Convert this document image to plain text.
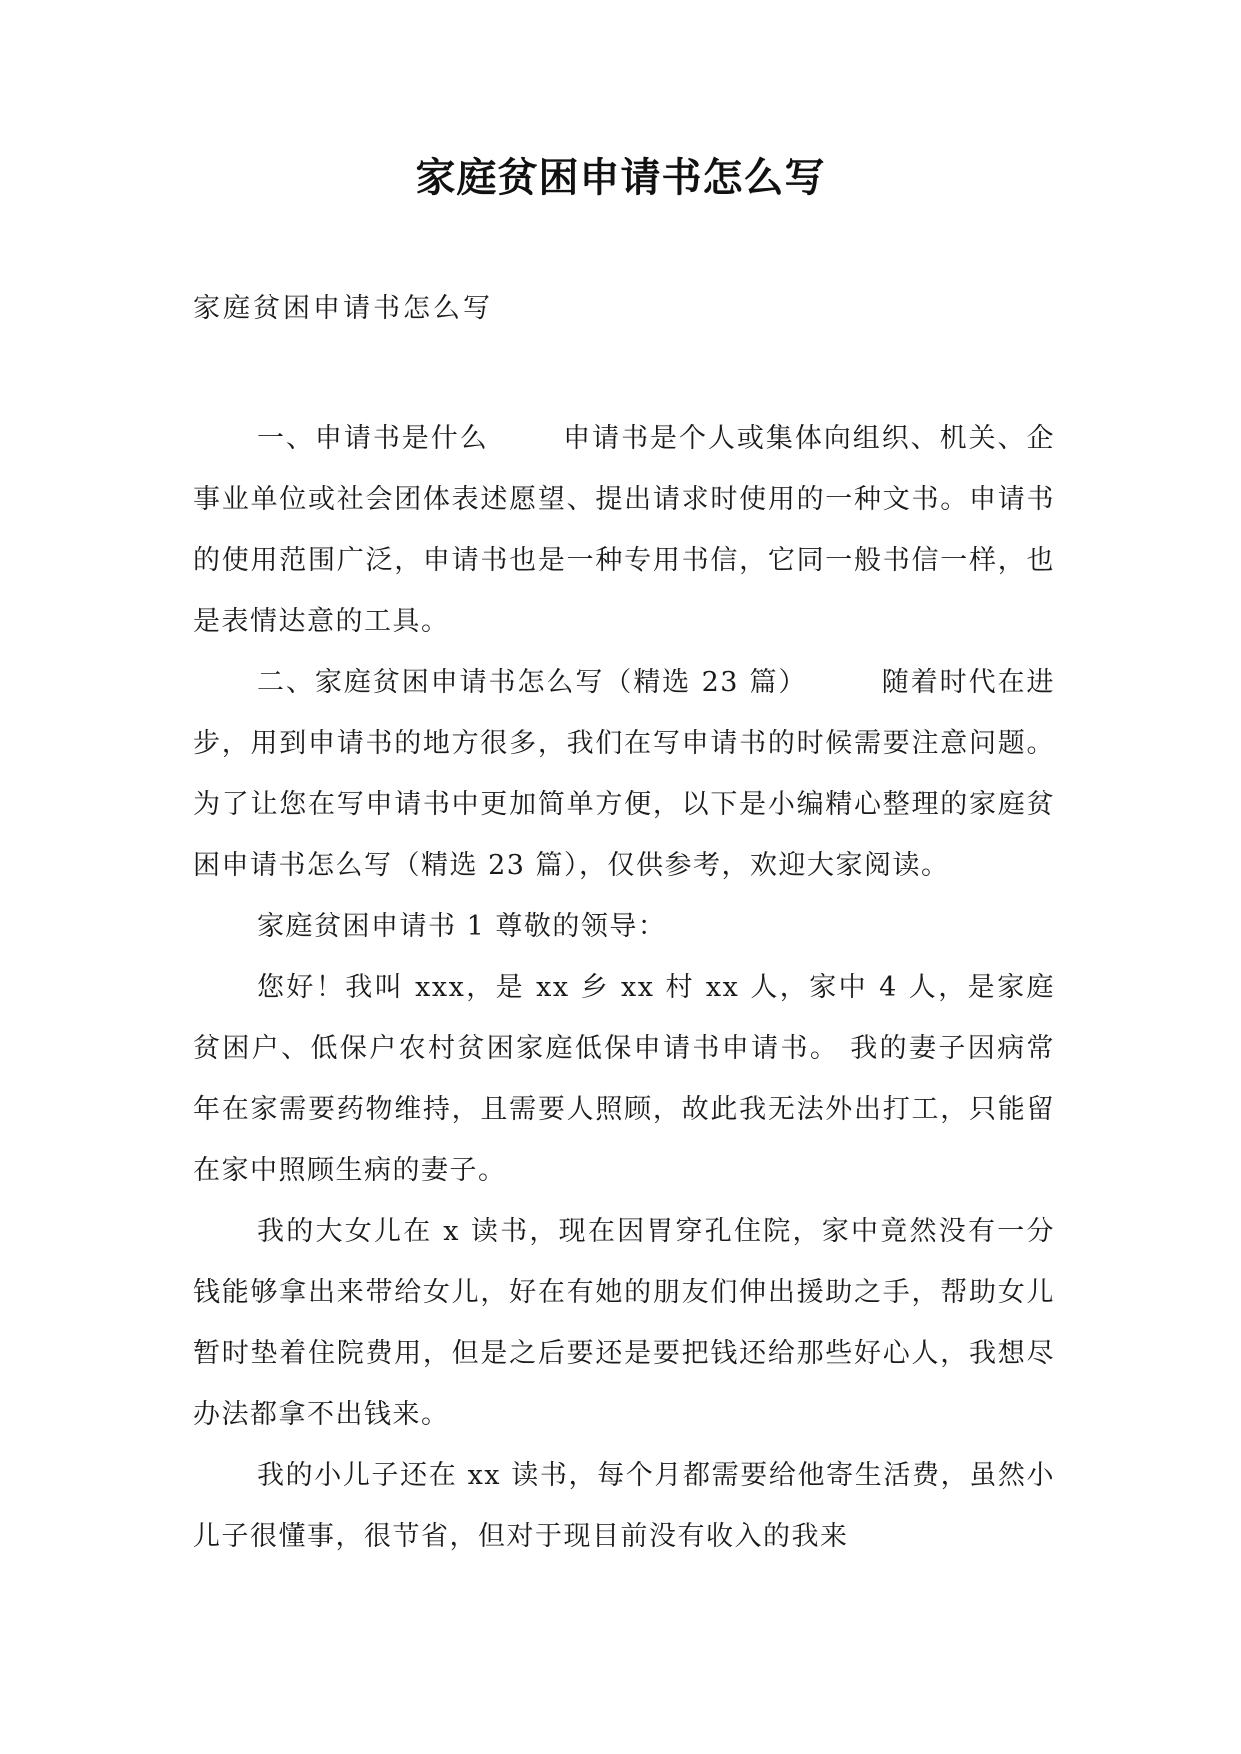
家庭贫困申请书怎么写

家庭贫困申请书怎么写

一、申请书是什么	申请书是个人或集体向组织、机关、企事业单位或社会团体表述愿望、提出请求时使用的一种文书。申请书的使用范围广泛，申请书也是一种专用书信，它同一般书信一样，也是表情达意的工具。

二、家庭贫困申请书怎么写（精选 23 篇）	随着时代在进步，用到申请书的地方很多，我们在写申请书的时候需要注意问题。为了让您在写申请书中更加简单方便，以下是小编精心整理的家庭贫困申请书怎么写（精选 23 篇），仅供参考，欢迎大家阅读。

家庭贫困申请书 1 尊敬的领导：

您好！我叫 xxx，是 xx 乡 xx 村 xx 人，家中 4 人，是家庭贫困户、低保户农村贫困家庭低保申请书申请书。 我的妻子因病常年在家需要药物维持，且需要人照顾，故此我无法外出打工，只能留在家中照顾生病的妻子。

我的大女儿在 x 读书，现在因胃穿孔住院，家中竟然没有一分钱能够拿出来带给女儿，好在有她的朋友们伸出援助之手，帮助女儿暂时垫着住院费用，但是之后要还是要把钱还给那些好心人，我想尽办法都拿不出钱来。

我的小儿子还在 xx 读书，每个月都需要给他寄生活费，虽然小儿子很懂事，很节省，但对于现目前没有收入的我来
